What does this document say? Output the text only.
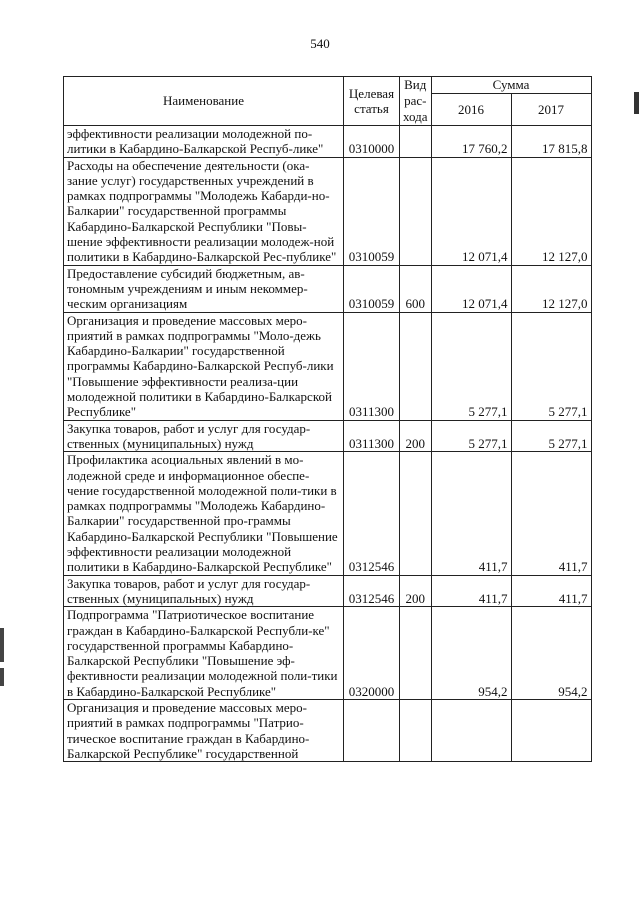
540
Наименование	Целевая статья	Вид рас-хода	Сумма	
			2016	2017
эффективности реализации молодежной по-литики в Кабардино-Балкарской Респуб-лике"	0310000		17 760,2	17 815,8
Расходы на обеспечение деятельности (ока-зание услуг) государственных учреждений в рамках подпрограммы "Молодежь Кабарди-но-Балкарии" государственной программы Кабардино-Балкарской Республики "Повы-шение эффективности реализации молодеж-ной политики в Кабардино-Балкарской Рес-публике"	0310059		12 071,4	12 127,0
Предоставление субсидий бюджетным, ав-тономным учреждениям и иным некоммер-ческим организациям	0310059	600	12 071,4	12 127,0
Организация и проведение массовых меро-приятий в рамках подпрограммы "Моло-дежь Кабардино-Балкарии" государственной программы Кабардино-Балкарской Респуб-лики "Повышение эффективности реализа-ции молодежной политики в Кабардино-Балкарской Республике"	0311300		5 277,1	5 277,1
Закупка товаров, работ и услуг для государ-ственных (муниципальных) нужд	0311300	200	5 277,1	5 277,1
Профилактика асоциальных явлений в мо-лодежной среде и информационное обеспе-чение государственной молодежной поли-тики в рамках подпрограммы "Молодежь Кабардино-Балкарии" государственной про-граммы Кабардино-Балкарской Республики "Повышение эффективности реализации молодежной политики в Кабардино-Балкарской Республике"	0312546		411,7	411,7
Закупка товаров, работ и услуг для государ-ственных (муниципальных) нужд	0312546	200	411,7	411,7
Подпрограмма "Патриотическое воспитание граждан в Кабардино-Балкарской Республи-ке" государственной программы Кабардино-Балкарской Республики "Повышение эф-фективности реализации молодежной поли-тики в Кабардино-Балкарской Республике"	0320000		954,2	954,2
Организация и проведение массовых меро-приятий в рамках подпрограммы "Патрио-тическое воспитание граждан в Кабардино-Балкарской Республике" государственной				
